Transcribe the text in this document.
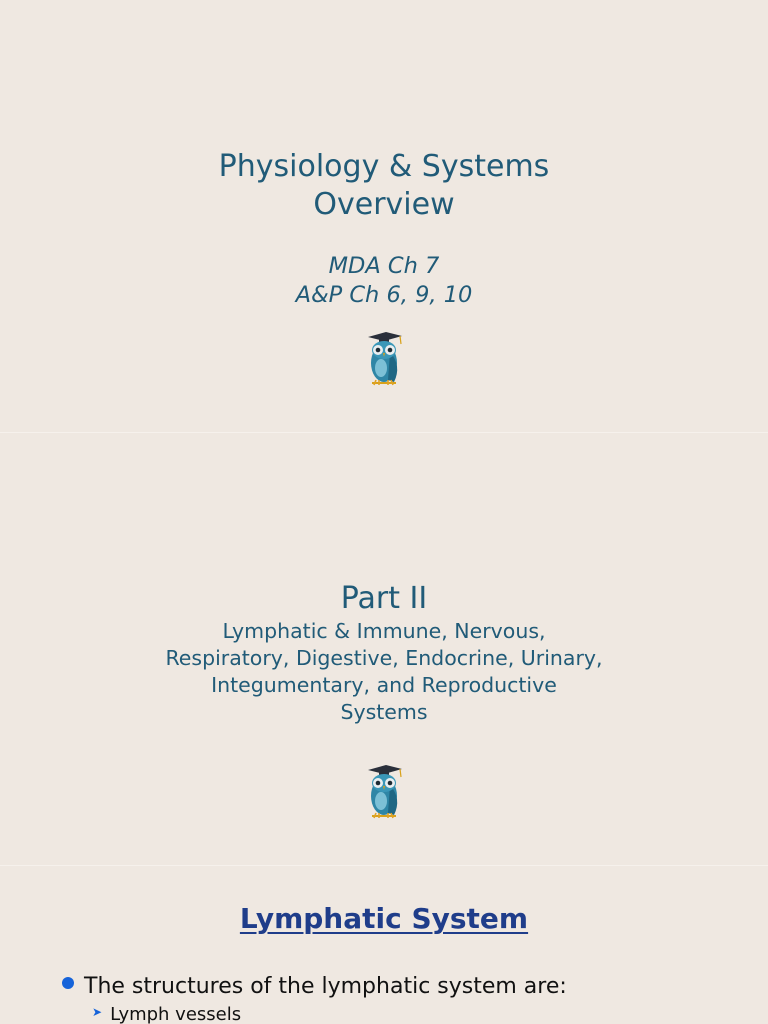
Physiology & Systems
Overview
MDA Ch 7
A&P Ch 6, 9, 10
Part II
Lymphatic & Immune, Nervous,
Respiratory, Digestive, Endocrine, Urinary,
Integumentary, and Reproductive
Systems
Lymphatic System
The structures of the lymphatic system are:
➤ Lymph vessels
